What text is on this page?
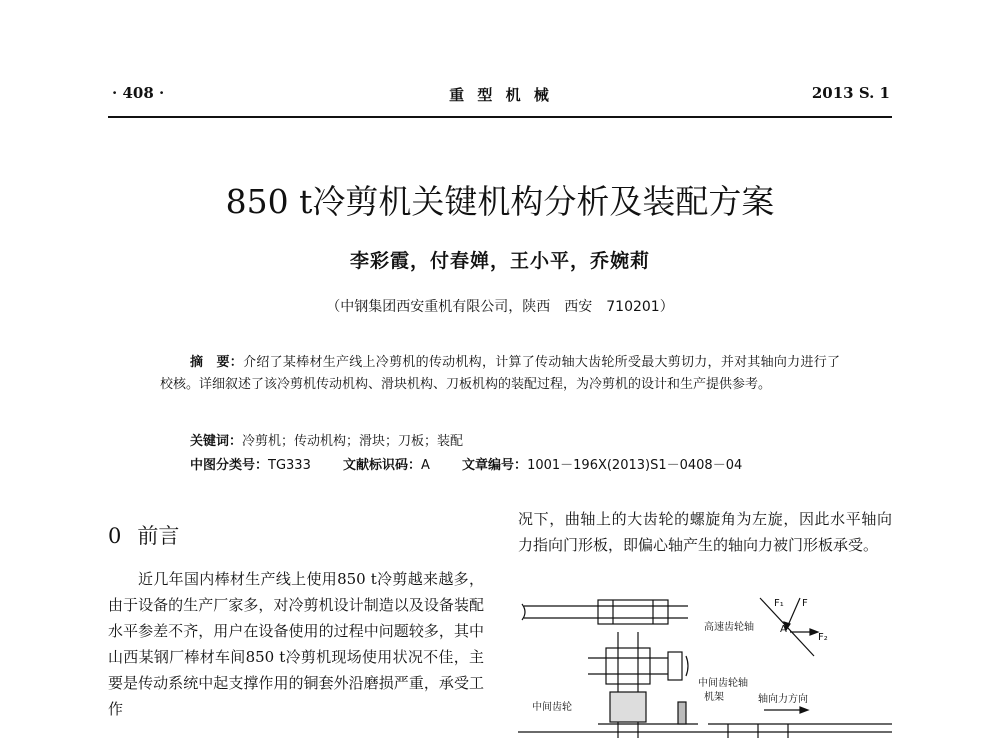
· 408 ·	重 型 机 械	2013 S. 1
850 t冷剪机关键机构分析及装配方案
李彩霞，付春婵，王小平，乔婉莉
（中钢集团西安重机有限公司，陕西　西安　710201）
摘　要：介绍了某棒材生产线上冷剪机的传动机构，计算了传动轴大齿轮所受最大剪切力，并对其轴向力进行了校核。详细叙述了该冷剪机传动机构、滑块机构、刀板机构的装配过程，为冷剪机的设计和生产提供参考。
关键词：冷剪机；传动机构；滑块；刀板；装配
中图分类号：TG333 文献标识码：A 文章编号：1001－196X(2013)S1－0408－04
0 前言

近几年国内棒材生产线上使用850 t冷剪越来越多，由于设备的生产厂家多，对冷剪机设计制造以及设备装配水平参差不齐，用户在设备使用的过程中问题较多，其中山西某钢厂棒材车间850 t冷剪机现场使用状况不佳，主要是传动系统中起支撑作用的铜套外沿磨损严重，承受工作

况下，曲轴上的大齿轮的螺旋角为左旋，因此水平轴向力指向门形板，即偏心轴产生的轴向力被门形板承受。

高速齿轮轴
中间齿轮轴
中间齿轮
机架	轴向力方向
F
F₁
F₂
A
